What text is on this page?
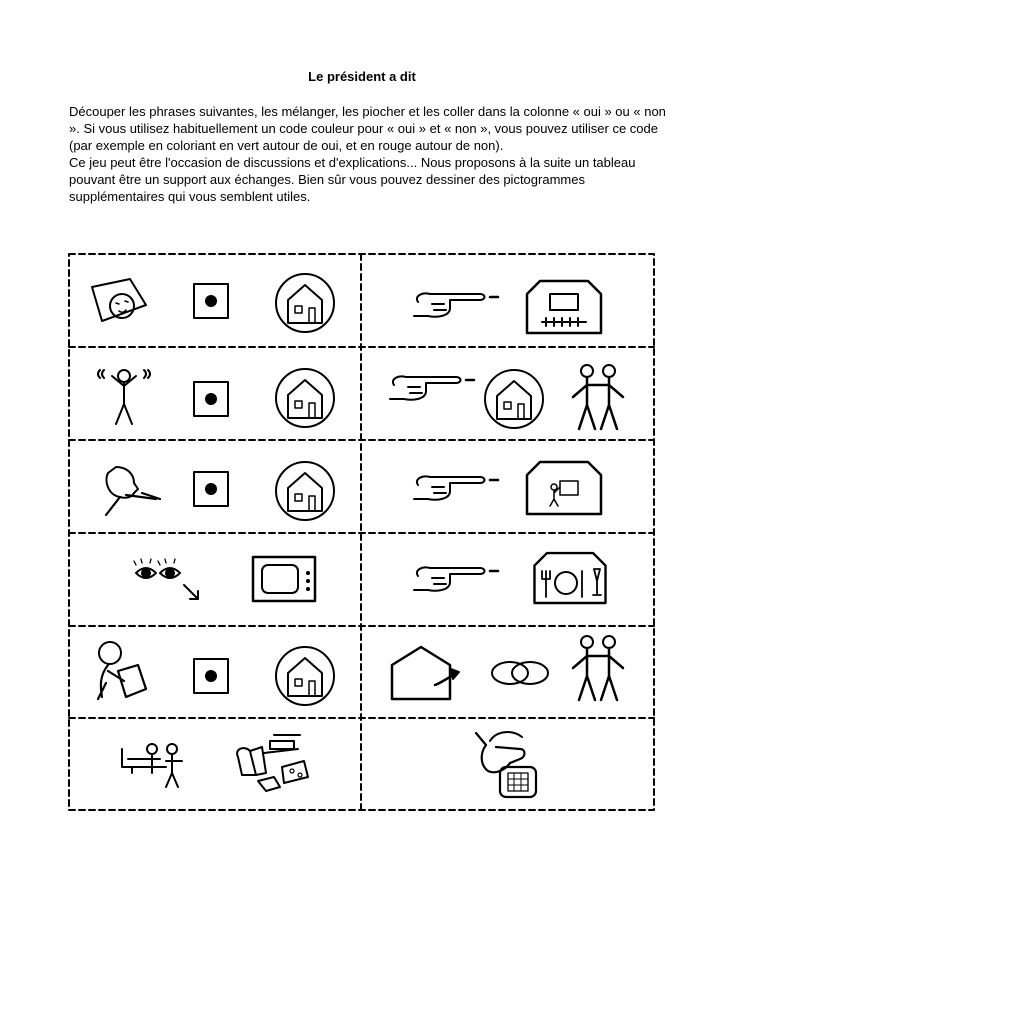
Le président a dit

Découper les phrases suivantes, les mélanger, les piocher et les coller dans la colonne « oui » ou « non ». Si vous utilisez habituellement un code couleur pour « oui » et « non », vous pouvez utiliser ce code (par exemple en coloriant en vert autour de oui, et en rouge autour de non).

Ce jeu peut être l'occasion de discussions et d'explications... Nous proposons à la suite un tableau pouvant être un support aux échanges. Bien sûr vous pouvez dessiner des pictogrammes supplémentaires qui vous semblent utiles.
